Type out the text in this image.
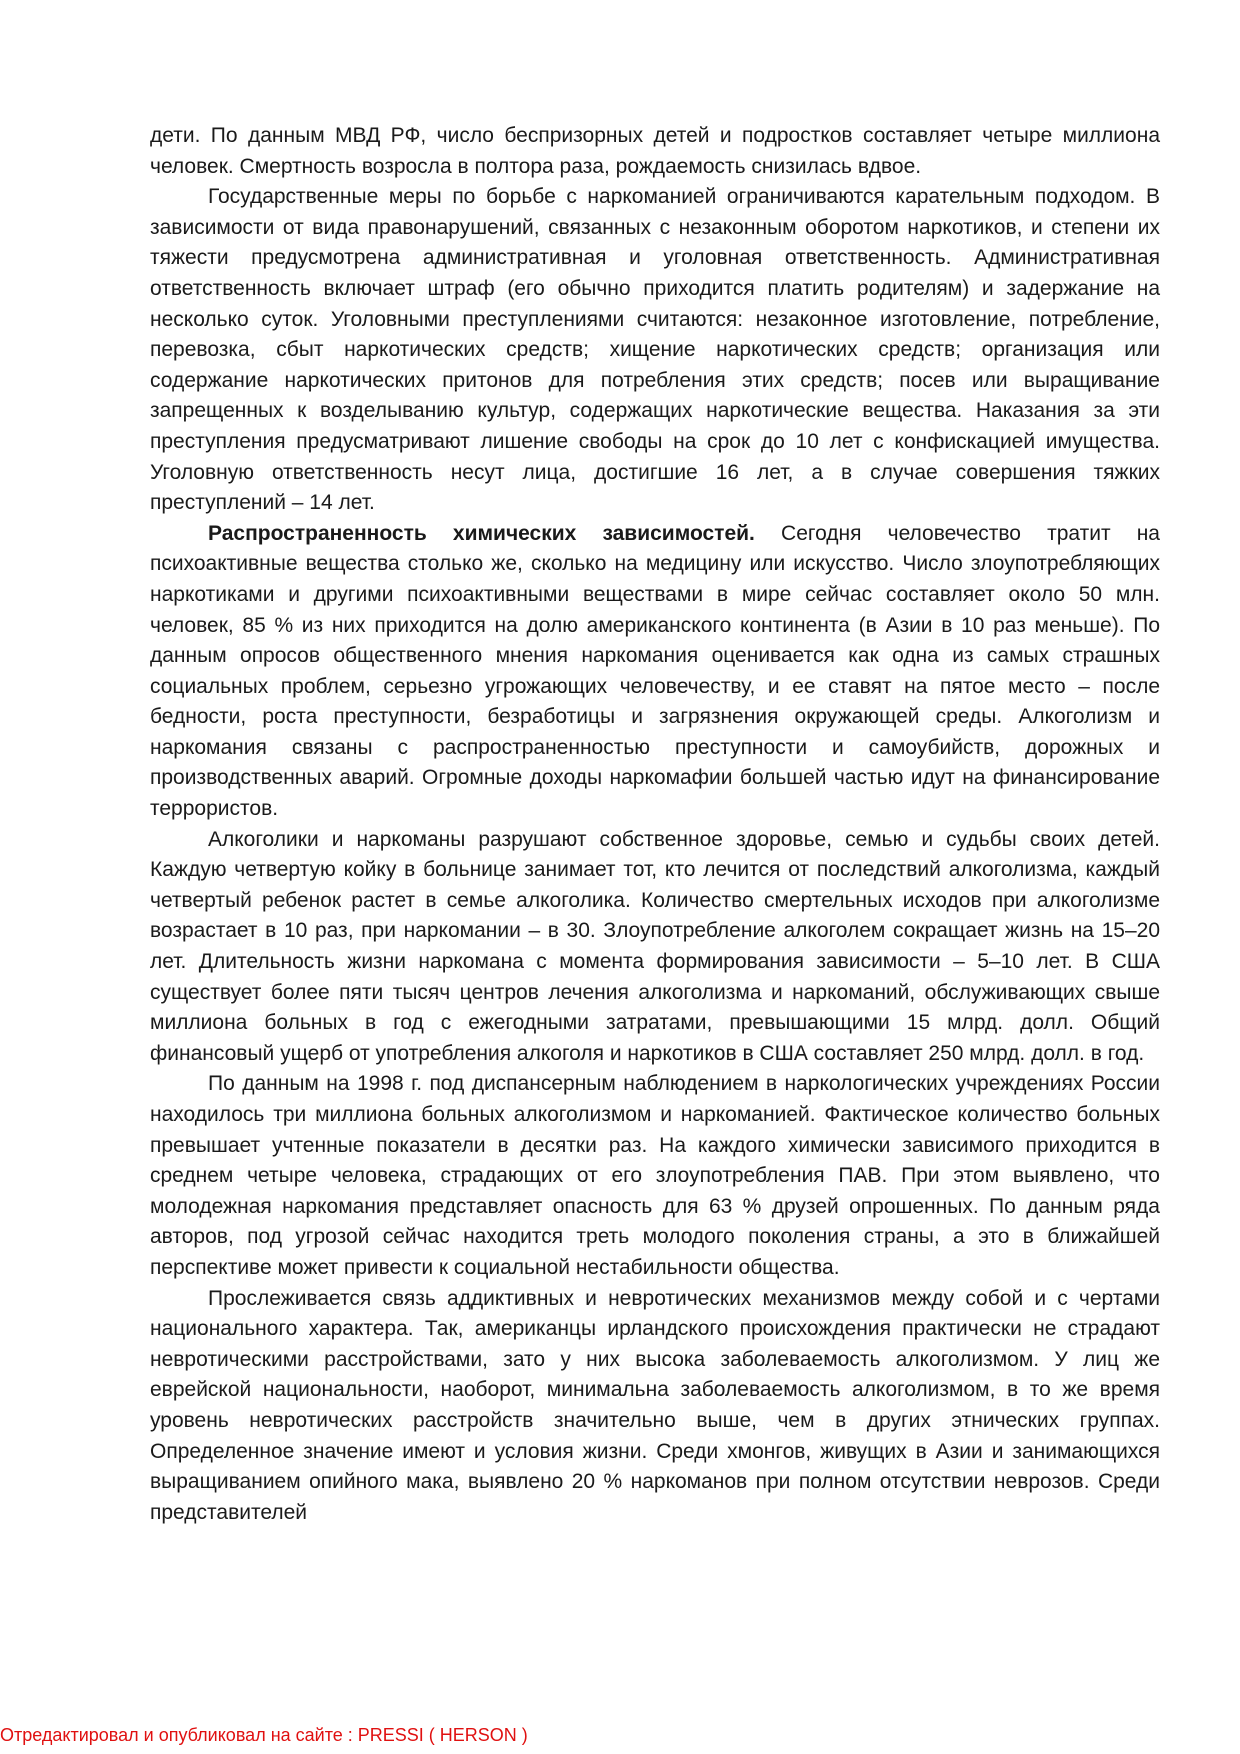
дети. По данным МВД РФ, число беспризорных детей и подростков составляет четыре миллиона человек. Смертность возросла в полтора раза, рождаемость снизилась вдвое.

Государственные меры по борьбе с наркоманией ограничиваются карательным подходом. В зависимости от вида правонарушений, связанных с незаконным оборотом наркотиков, и степени их тяжести предусмотрена административная и уголовная ответственность. Административная ответственность включает штраф (его обычно приходится платить родителям) и задержание на несколько суток. Уголовными преступлениями считаются: незаконное изготовление, потребление, перевозка, сбыт наркотических средств; хищение наркотических средств; организация или содержание наркотических притонов для потребления этих средств; посев или выращивание запрещенных к возделыванию культур, содержащих наркотические вещества. Наказания за эти преступления предусматривают лишение свободы на срок до 10 лет с конфискацией имущества. Уголовную ответственность несут лица, достигшие 16 лет, а в случае совершения тяжких преступлений – 14 лет.

Распространенность химических зависимостей. Сегодня человечество тратит на психоактивные вещества столько же, сколько на медицину или искусство. Число злоупотребляющих наркотиками и другими психоактивными веществами в мире сейчас составляет около 50 млн. человек, 85 % из них приходится на долю американского континента (в Азии в 10 раз меньше). По данным опросов общественного мнения наркомания оценивается как одна из самых страшных социальных проблем, серьезно угрожающих человечеству, и ее ставят на пятое место – после бедности, роста преступности, безработицы и загрязнения окружающей среды. Алкоголизм и наркомания связаны с распространенностью преступности и самоубийств, дорожных и производственных аварий. Огромные доходы наркомафии большей частью идут на финансирование террористов.

Алкоголики и наркоманы разрушают собственное здоровье, семью и судьбы своих детей. Каждую четвертую койку в больнице занимает тот, кто лечится от последствий алкоголизма, каждый четвертый ребенок растет в семье алкоголика. Количество смертельных исходов при алкоголизме возрастает в 10 раз, при наркомании – в 30. Злоупотребление алкоголем сокращает жизнь на 15–20 лет. Длительность жизни наркомана с момента формирования зависимости – 5–10 лет. В США существует более пяти тысяч центров лечения алкоголизма и наркоманий, обслуживающих свыше миллиона больных в год с ежегодными затратами, превышающими 15 млрд. долл. Общий финансовый ущерб от употребления алкоголя и наркотиков в США составляет 250 млрд. долл. в год.

По данным на 1998 г. под диспансерным наблюдением в наркологических учреждениях России находилось три миллиона больных алкоголизмом и наркоманией. Фактическое количество больных превышает учтенные показатели в десятки раз. На каждого химически зависимого приходится в среднем четыре человека, страдающих от его злоупотребления ПАВ. При этом выявлено, что молодежная наркомания представляет опасность для 63 % друзей опрошенных. По данным ряда авторов, под угрозой сейчас находится треть молодого поколения страны, а это в ближайшей перспективе может привести к социальной нестабильности общества.

Прослеживается связь аддиктивных и невротических механизмов между собой и с чертами национального характера. Так, американцы ирландского происхождения практически не страдают невротическими расстройствами, зато у них высока заболеваемость алкоголизмом. У лиц же еврейской национальности, наоборот, минимальна заболеваемость алкоголизмом, в то же время уровень невротических расстройств значительно выше, чем в других этнических группах. Определенное значение имеют и условия жизни. Среди хмонгов, живущих в Азии и занимающихся выращиванием опийного мака, выявлено 20 % наркоманов при полном отсутствии неврозов. Среди представителей

Отредактировал и опубликовал на сайте : PRESSI ( HERSON )
